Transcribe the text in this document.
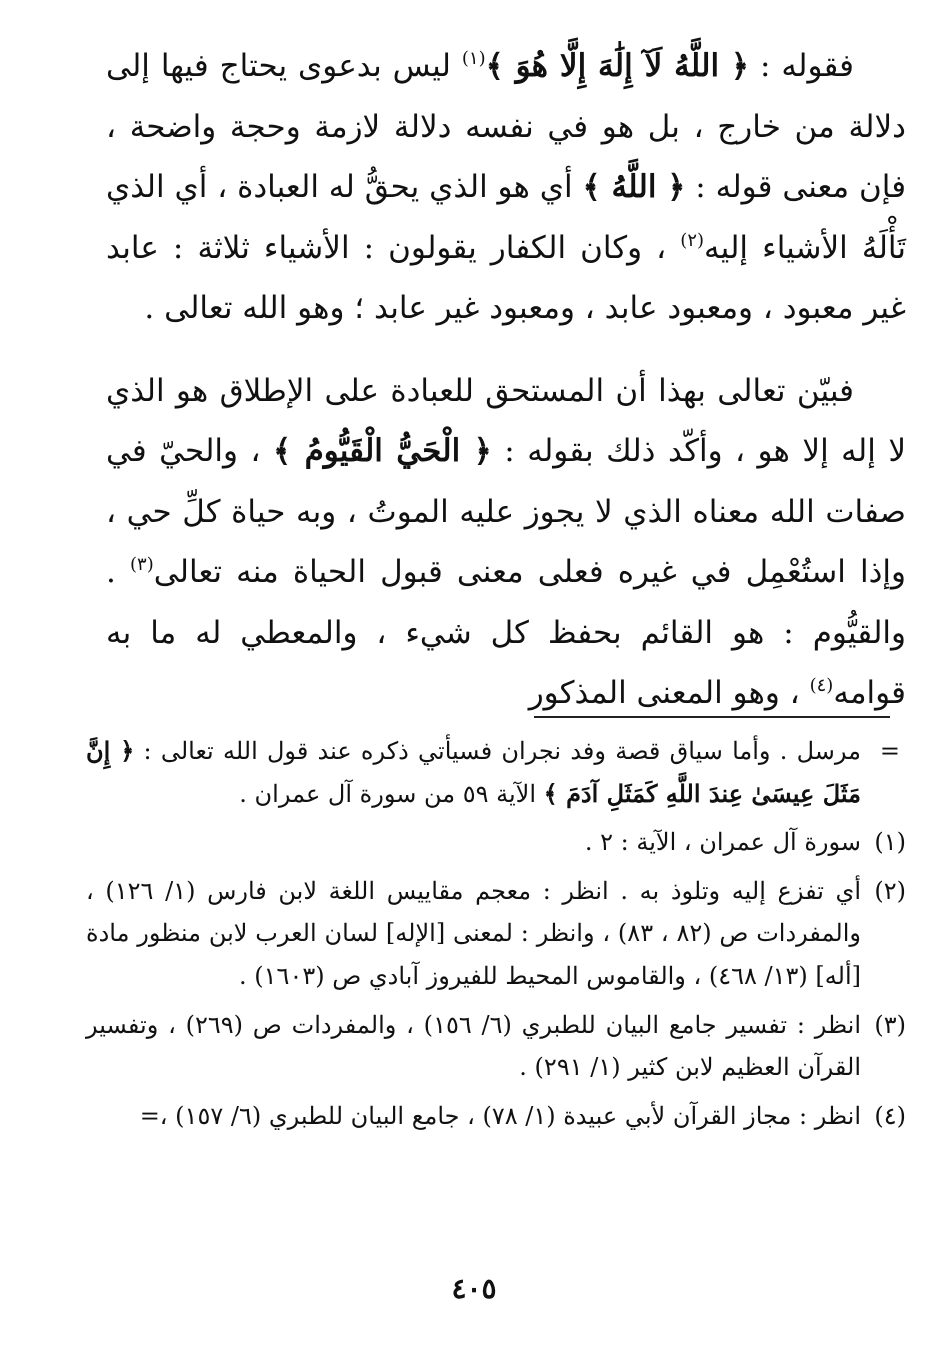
فقوله : ﴿ اللَّهُ لَآ إِلَٰهَ إِلَّا هُوَ ﴾$^{(١)}$ ليس بدعوى يحتاج فيها إلى دلالة من خارج ، بل هو في نفسه دلالة لازمة وحجة واضحة ، فإن معنى قوله : ﴿ اللَّهُ ﴾ أي هو الذي يحقُّ له العبادة ، أي الذي تَأْلَهُ الأشياء إليه$^{(٢)}$ ، وكان الكفار يقولون : الأشياء ثلاثة : عابد غير معبود ، ومعبود عابد ، ومعبود غير عابد ؛ وهو الله تعالى .

فبيّن تعالى بهذا أن المستحق للعبادة على الإطلاق هو الذي لا إله إلا هو ، وأكّد ذلك بقوله : ﴿ الْحَيُّ الْقَيُّومُ ﴾ ، والحيّ في صفات الله معناه الذي لا يجوز عليه الموتُ ، وبه حياة كلِّ حي ، وإذا استُعْمِل في غيره فعلى معنى قبول الحياة منه تعالى$^{(٣)}$ . والقيُّوم : هو القائم بحفظ كل شيء ، والمعطي له ما به قوامه$^{(٤)}$ ، وهو المعنى المذكور

=
مرسل . وأما سياق قصة وفد نجران فسيأتي ذكره عند قول الله تعالى : ﴿ إِنَّ مَثَلَ عِيسَىٰ عِندَ اللَّهِ كَمَثَلِ آدَمَ ﴾ الآية ٥٩ من سورة آل عمران .
(١)
سورة آل عمران ، الآية : ٢ .
(٢)
أي تفزع إليه وتلوذ به . انظر : معجم مقاييس اللغة لابن فارس (١/ ١٢٦) ، والمفردات ص (٨٢ ، ٨٣) ، وانظر : لمعنى [الإله] لسان العرب لابن منظور مادة [أله] (١٣/ ٤٦٨) ، والقاموس المحيط للفيروز آبادي ص (١٦٠٣) .
(٣)
انظر : تفسير جامع البيان للطبري (٦/ ١٥٦) ، والمفردات ص (٢٦٩) ، وتفسير القرآن العظيم لابن كثير (١/ ٢٩١) .
(٤)
انظر : مجاز القرآن لأبي عبيدة (١/ ٧٨) ، جامع البيان للطبري (٦/ ١٥٧) ،=
٤٠٥
